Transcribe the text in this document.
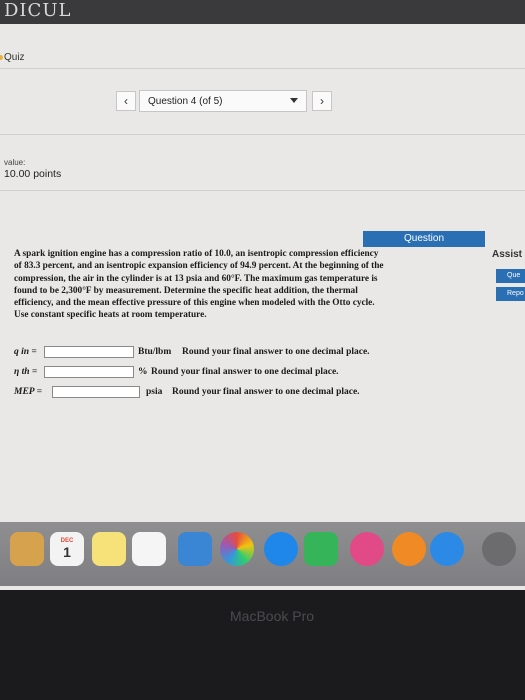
DICUL
Quiz
‹	Question 4 (of 5)	›
value:
10.00 points
Question
Assist
Que
Repo
A spark ignition engine has a compression ratio of 10.0, an isentropic compression efficiency
of 83.3 percent, and an isentropic expansion efficiency of 94.9 percent. At the beginning of the
compression, the air in the cylinder is at 13 psia and 60°F. The maximum gas temperature is
found to be 2,300°F by measurement. Determine the specific heat addition, the thermal
efficiency, and the mean effective pressure of this engine when modeled with the Otto cycle.
Use constant specific heats at room temperature.
q in =	Btu/lbm Round your final answer to one decimal place.
η th =	% Round your final answer to one decimal place.
MEP =	psia Round your final answer to one decimal place.
DEC
1
MacBook Pro
